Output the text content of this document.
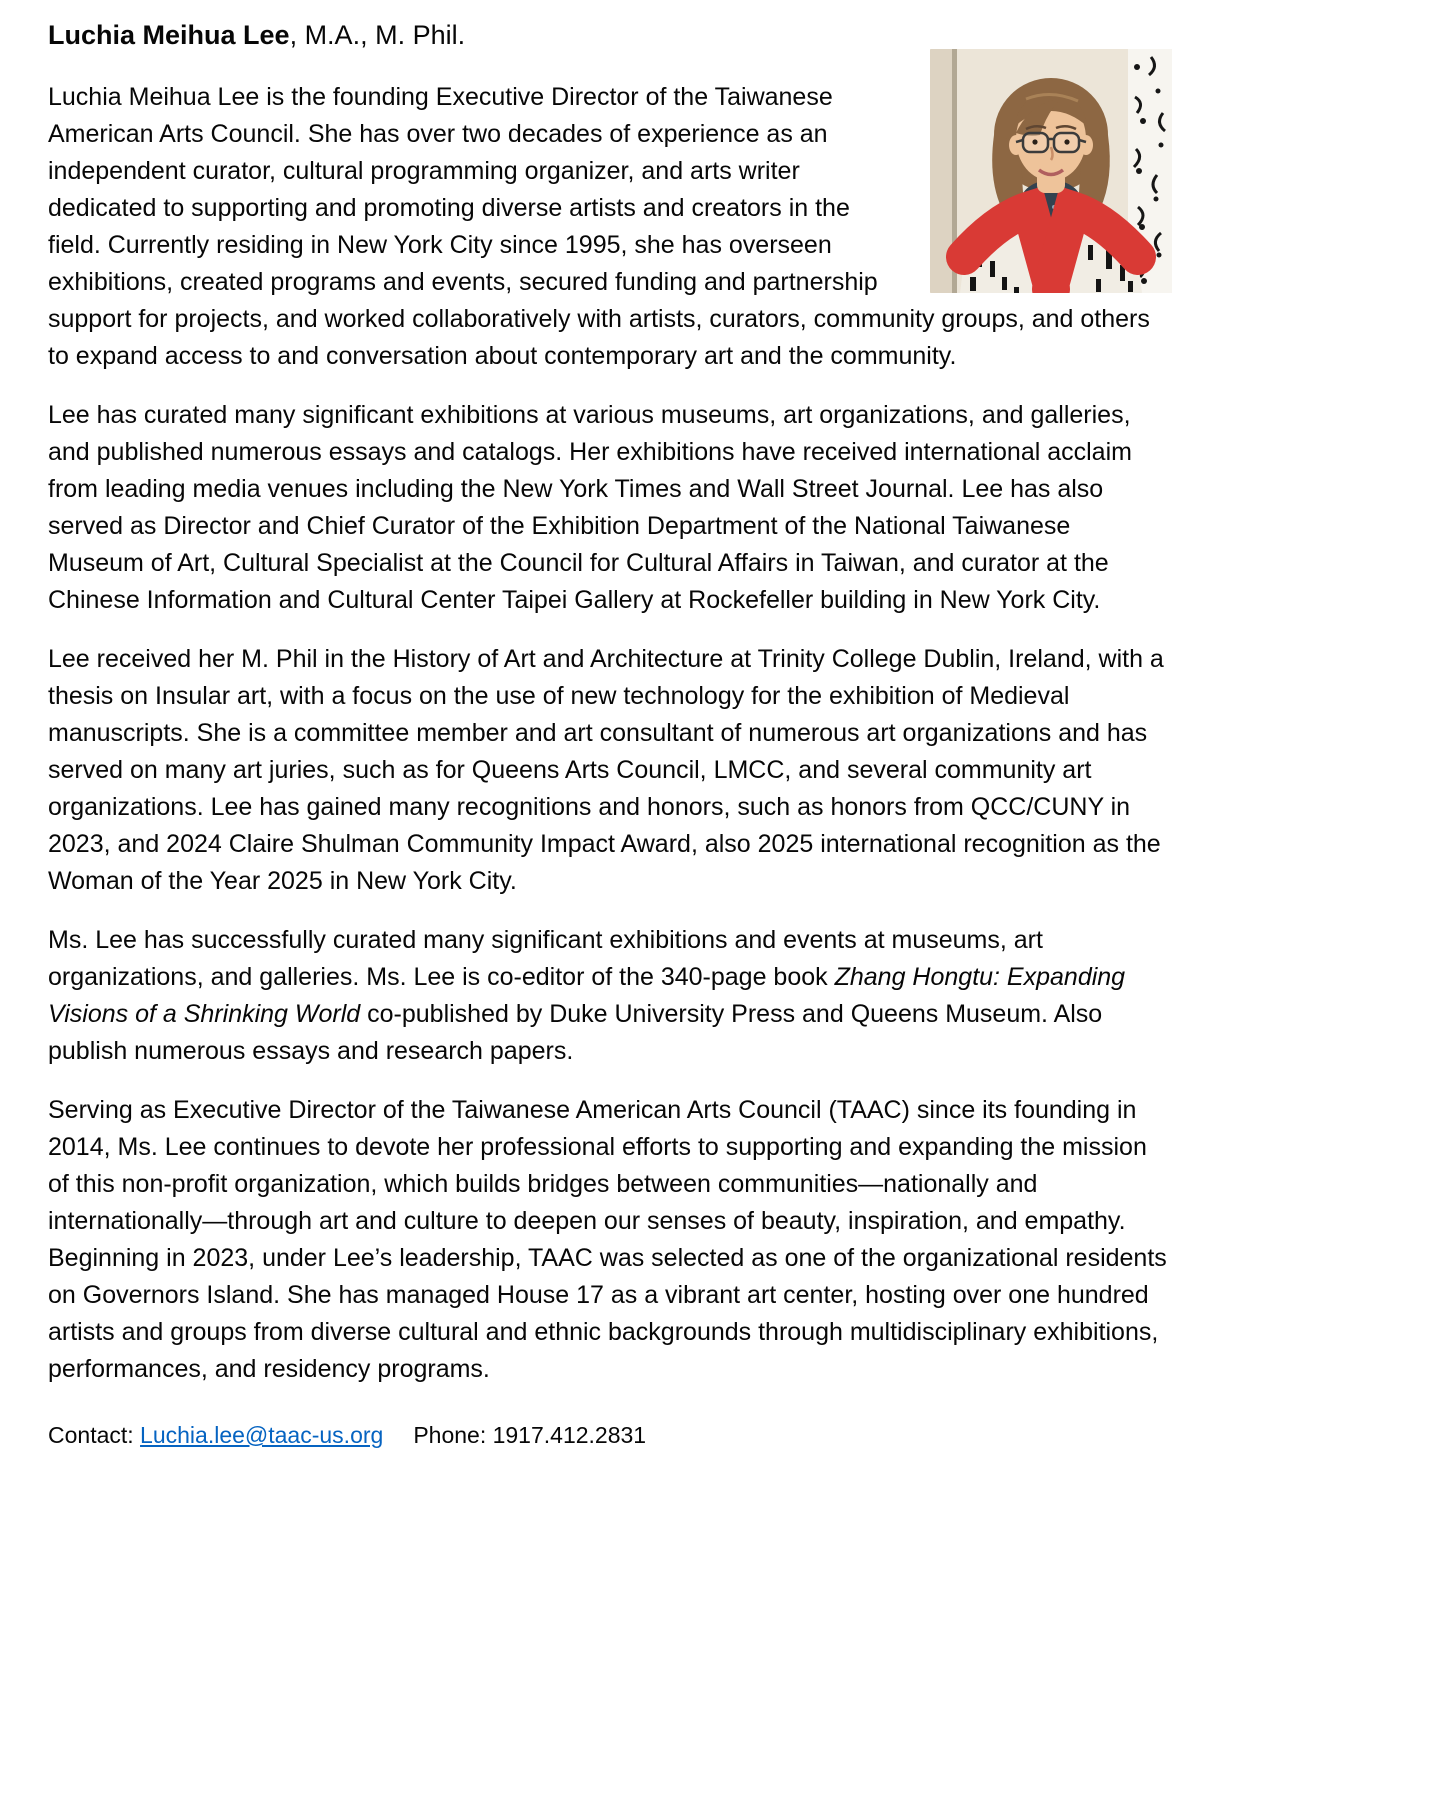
Luchia Meihua Lee, M.A., M. Phil.

Luchia Meihua Lee is the founding Executive Director of the Taiwanese American Arts Council. She has over two decades of experience as an independent curator, cultural programming organizer, and arts writer dedicated to supporting and promoting diverse artists and creators in the field. Currently residing in New York City since 1995, she has overseen exhibitions, created programs and events, secured funding and partnership support for projects, and worked collaboratively with artists, curators, community groups, and others to expand access to and conversation about contemporary art and the community.

Lee has curated many significant exhibitions at various museums, art organizations, and galleries, and published numerous essays and catalogs. Her exhibitions have received international acclaim from leading media venues including the New York Times and Wall Street Journal. Lee has also served as Director and Chief Curator of the Exhibition Department of the National Taiwanese Museum of Art, Cultural Specialist at the Council for Cultural Affairs in Taiwan, and curator at the Chinese Information and Cultural Center Taipei Gallery at Rockefeller building in New York City.

Lee received her M. Phil in the History of Art and Architecture at Trinity College Dublin, Ireland, with a thesis on Insular art, with a focus on the use of new technology for the exhibition of Medieval manuscripts. She is a committee member and art consultant of numerous art organizations and has served on many art juries, such as for Queens Arts Council, LMCC, and several community art organizations. Lee has gained many recognitions and honors, such as honors from QCC/CUNY in 2023, and 2024 Claire Shulman Community Impact Award, also 2025 international recognition as the Woman of the Year 2025 in New York City.

Ms. Lee has successfully curated many significant exhibitions and events at museums, art organizations, and galleries. Ms. Lee is co-editor of the 340-page book Zhang Hongtu: Expanding Visions of a Shrinking World co-published by Duke University Press and Queens Museum. Also publish numerous essays and research papers.

Serving as Executive Director of the Taiwanese American Arts Council (TAAC) since its founding in 2014, Ms. Lee continues to devote her professional efforts to supporting and expanding the mission of this non-profit organization, which builds bridges between communities—nationally and internationally—through art and culture to deepen our senses of beauty, inspiration, and empathy. Beginning in 2023, under Lee’s leadership, TAAC was selected as one of the organizational residents on Governors Island. She has managed House 17 as a vibrant art center, hosting over one hundred artists and groups from diverse cultural and ethnic backgrounds through multidisciplinary exhibitions, performances, and residency programs.

Contact: Luchia.lee@taac-us.org Phone: 1917.412.2831
